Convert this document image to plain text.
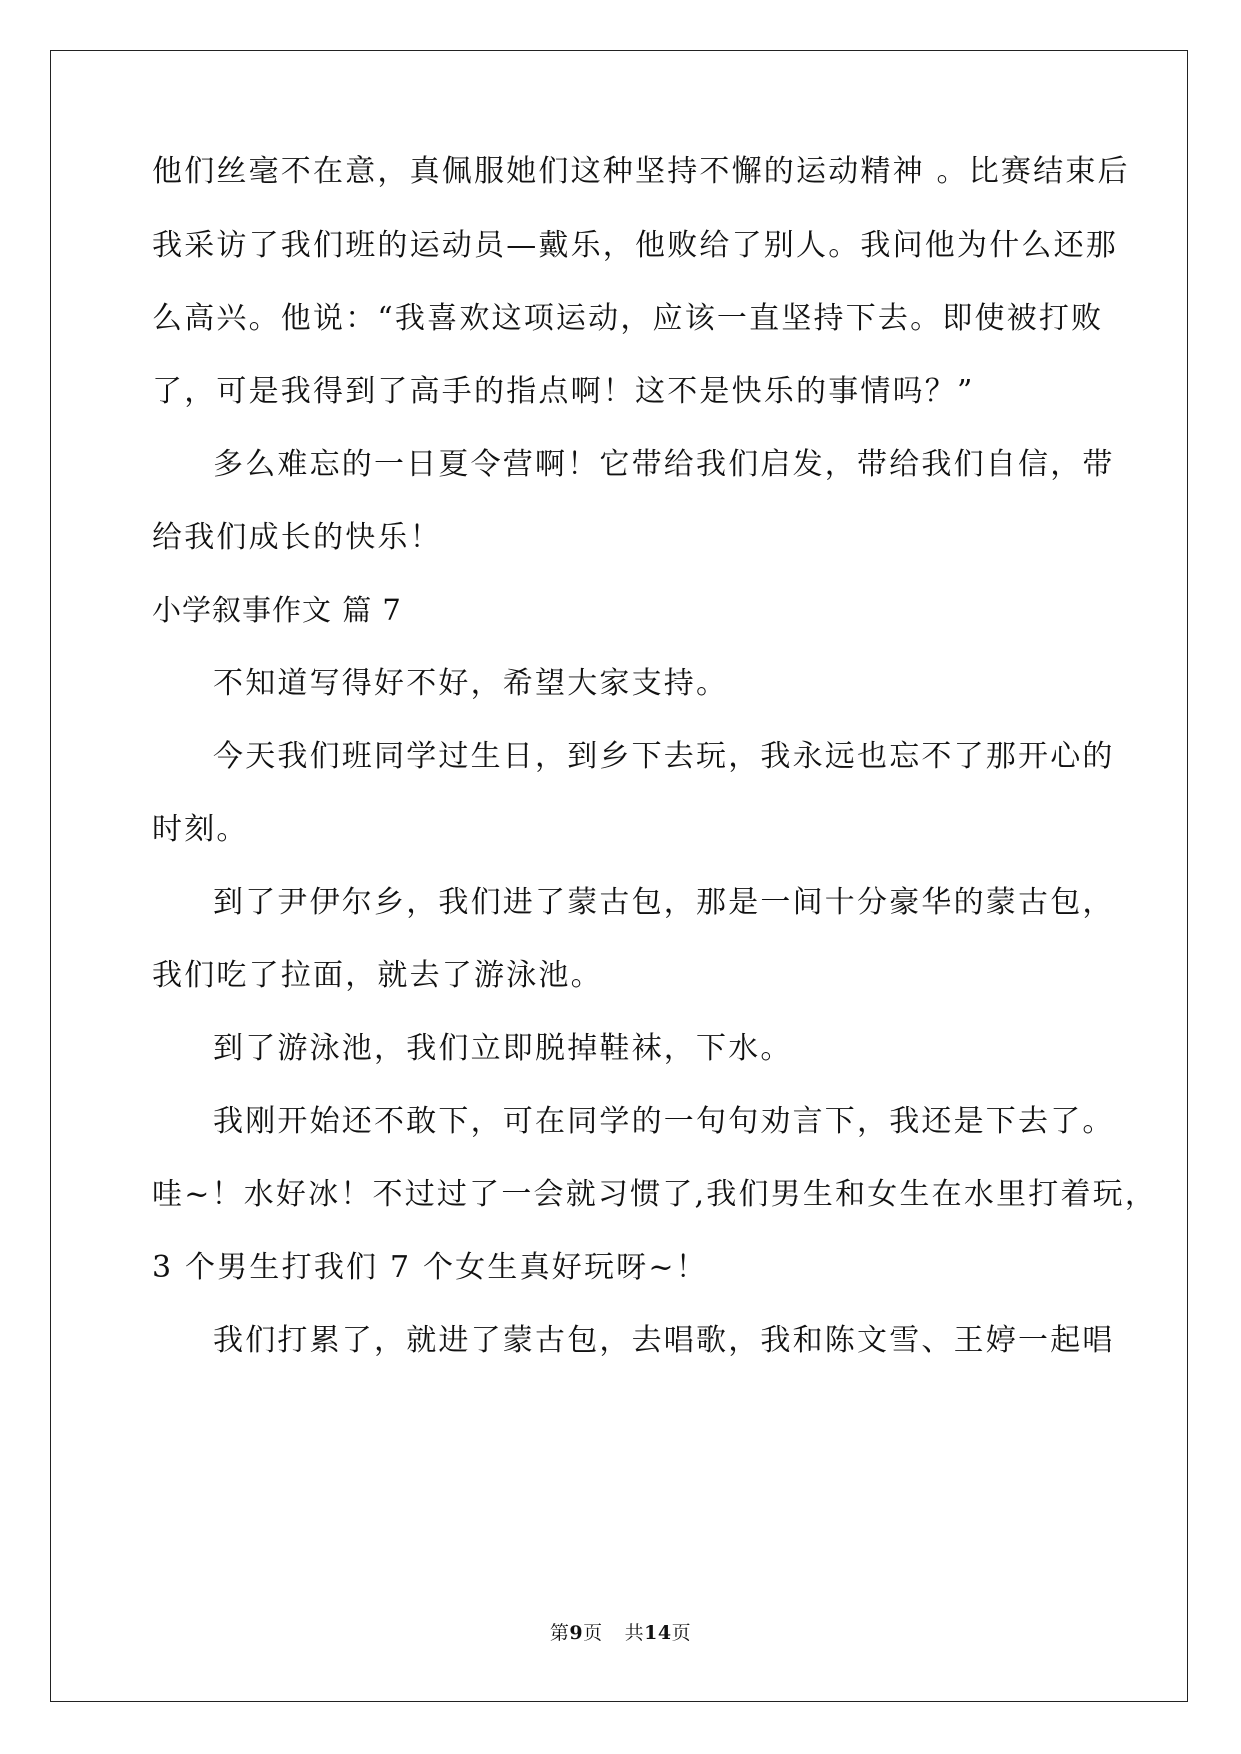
他们丝毫不在意，真佩服她们这种坚持不懈的运动精神 。比赛结束后
我采访了我们班的运动员—戴乐，他败给了别人。我问他为什么还那
么高兴。他说：“我喜欢这项运动，应该一直坚持下去。即使被打败
了，可是我得到了高手的指点啊！这不是快乐的事情吗？”
多么难忘的一日夏令营啊！它带给我们启发，带给我们自信，带
给我们成长的快乐！
小学叙事作文 篇 7
不知道写得好不好，希望大家支持。
今天我们班同学过生日，到乡下去玩，我永远也忘不了那开心的
时刻。
到了尹伊尔乡，我们进了蒙古包，那是一间十分豪华的蒙古包，
我们吃了拉面，就去了游泳池。
到了游泳池，我们立即脱掉鞋袜，下水。
我刚开始还不敢下，可在同学的一句句劝言下，我还是下去了。
哇~！水好冰！不过过了一会就习惯了,我们男生和女生在水里打着玩，
3 个男生打我们 7 个女生真好玩呀~！
我们打累了，就进了蒙古包，去唱歌，我和陈文雪、王婷一起唱
第9页 共14页
